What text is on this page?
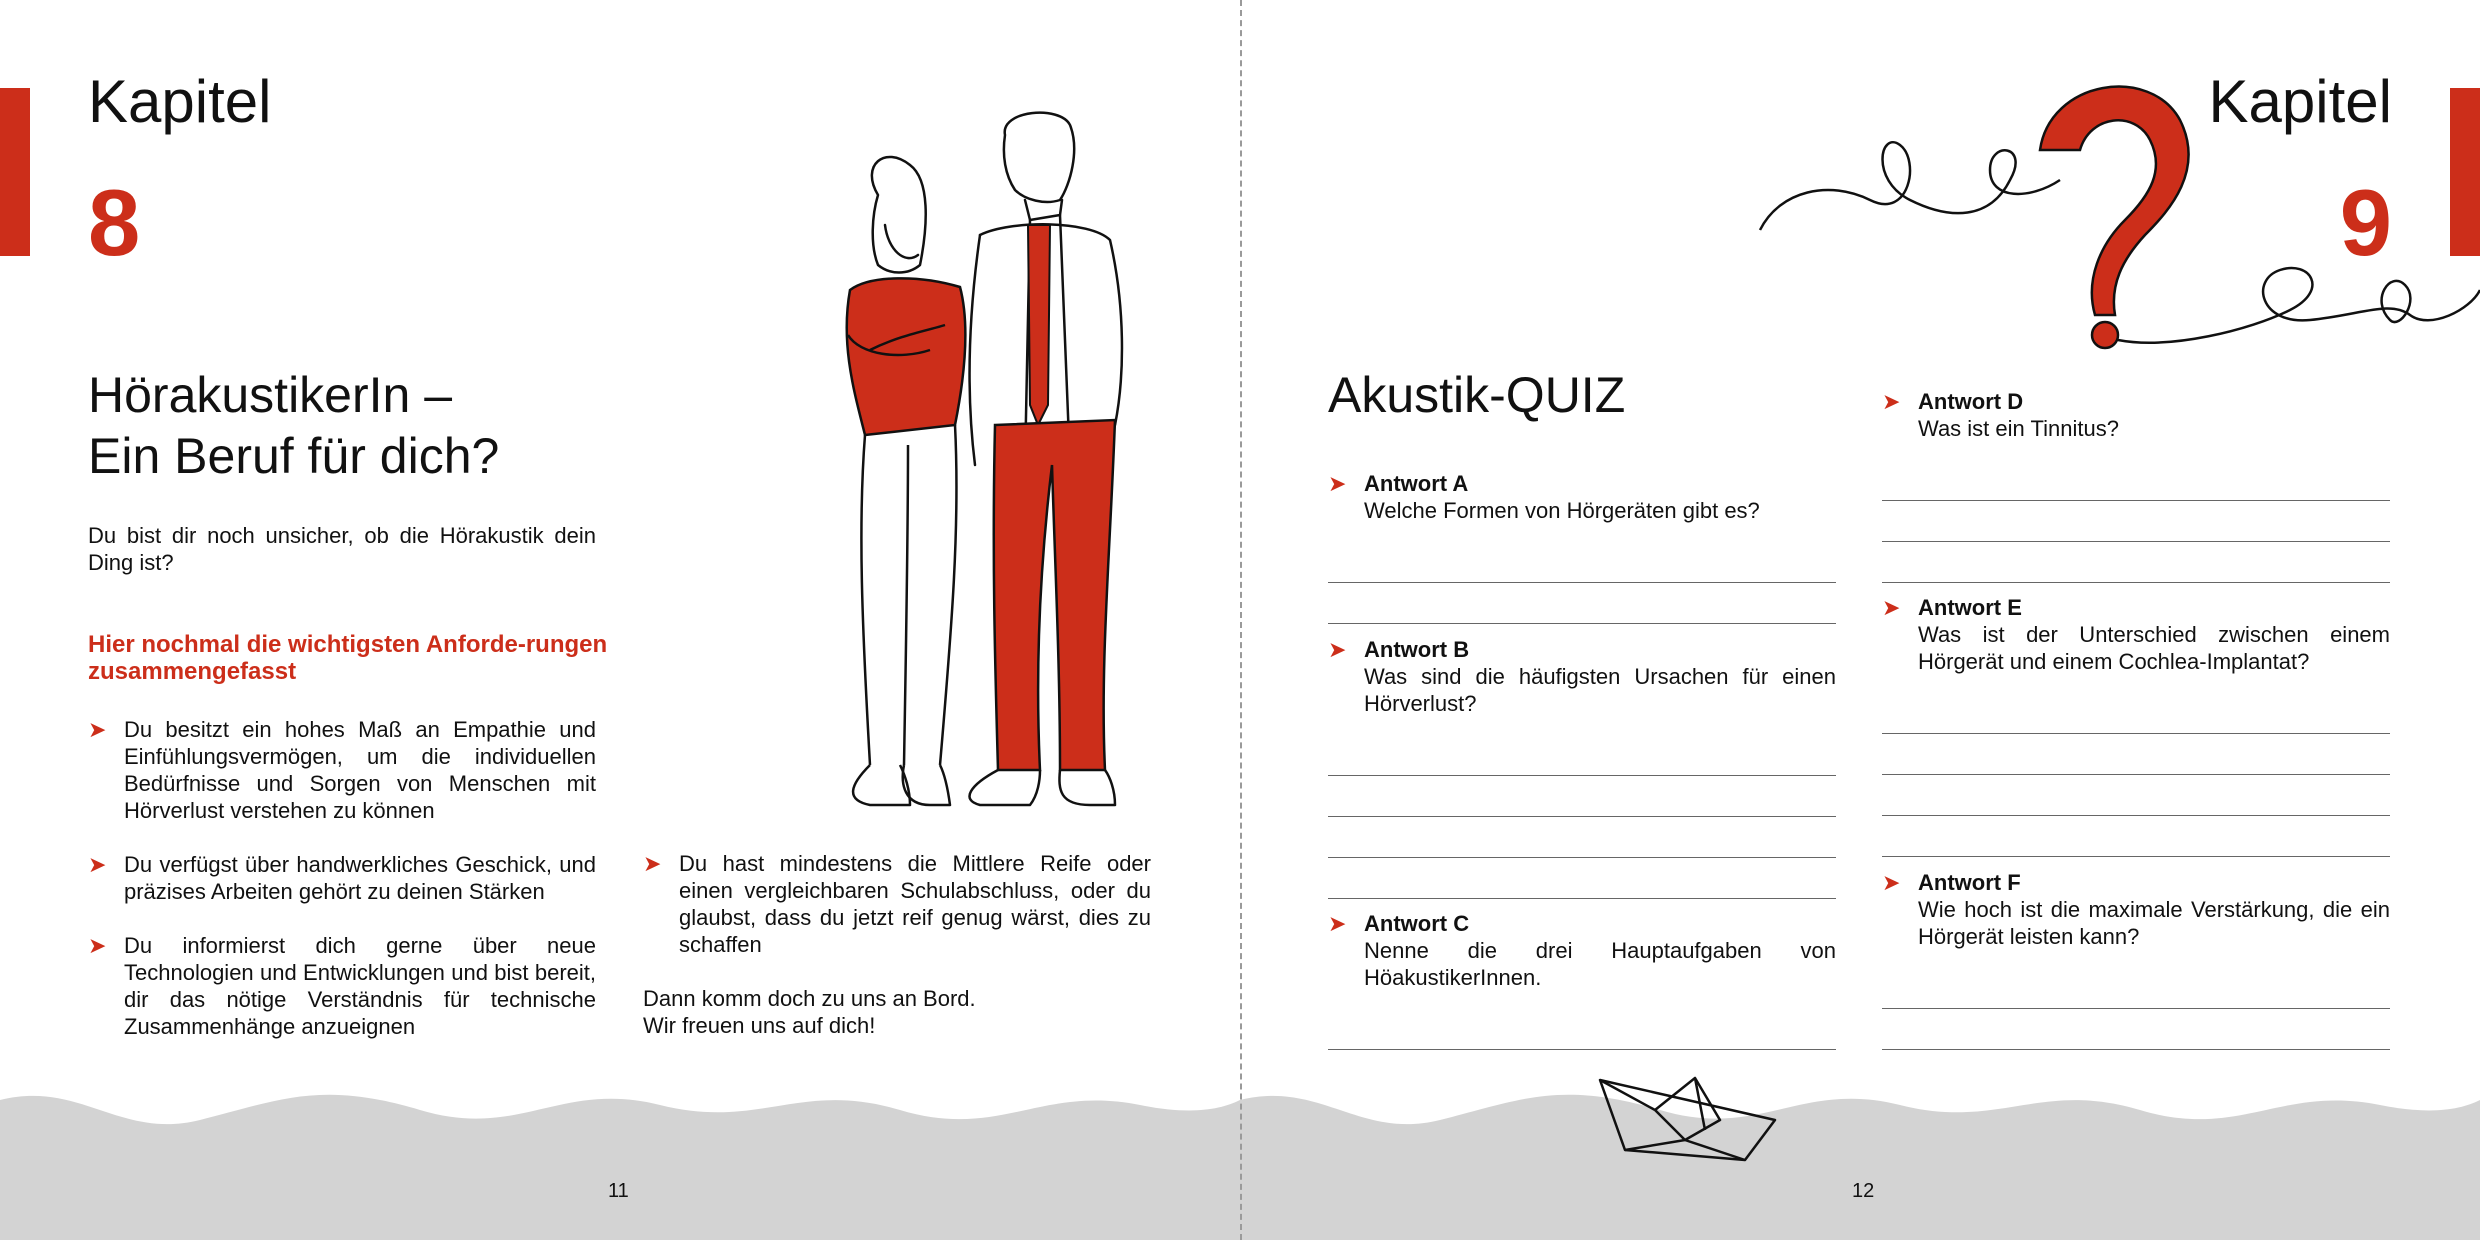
Kapitel
8
HörakustikerIn –
Ein Beruf für dich?
Du bist dir noch unsicher, ob die Hörakustik dein Ding ist?
Hier nochmal die wichtigsten Anforde-rungen zusammengefasst
➤ Du besitzt ein hohes Maß an Empathie und Einfühlungsvermögen, um die individuellen Bedürfnisse und Sorgen von Menschen mit Hörverlust verstehen zu können
➤ Du verfügst über handwerkliches Geschick, und präzises Arbeiten gehört zu deinen Stärken
➤ Du informierst dich gerne über neue Technologien und Entwicklungen und bist bereit, dir das nötige Verständnis für technische Zusammenhänge anzueignen
➤ Du hast mindestens die Mittlere Reife oder einen vergleichbaren Schulabschluss, oder du glaubst, dass du jetzt reif genug wärst, dies zu schaffen
Dann komm doch zu uns an Bord.
Wir freuen uns auf dich!
11
Kapitel
9
Akustik-QUIZ
➤ Antwort A
Welche Formen von Hörgeräten gibt es?
➤ Antwort B
Was sind die häufigsten Ursachen für einen Hörverlust?
➤ Antwort C
Nenne die drei Hauptaufgaben von HöakustikerInnen.
➤ Antwort D
Was ist ein Tinnitus?
➤ Antwort E
Was ist der Unterschied zwischen einem Hörgerät und einem Cochlea-Implantat?
➤ Antwort F
Wie hoch ist die maximale Verstärkung, die ein Hörgerät leisten kann?
12
